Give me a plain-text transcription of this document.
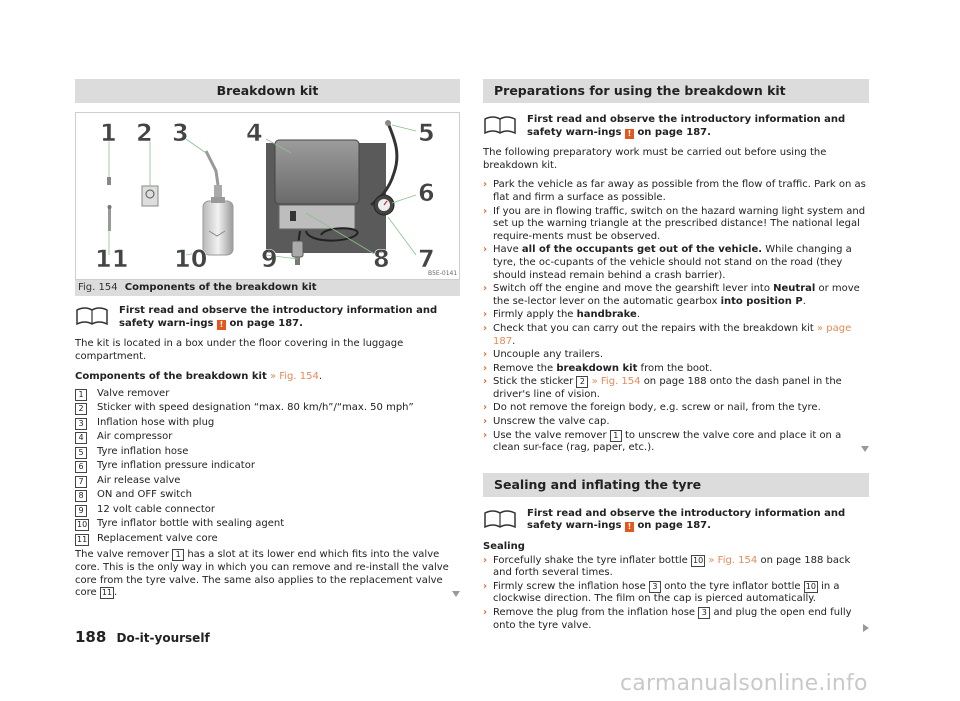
Breakdown kit
1 2 3 4	5
6
7
8
9
10
11
B5E-0141
Fig. 154 Components of the breakdown kit
First read and observe the introductory information and safety warn-ings ! on page 187.

The kit is located in a box under the floor covering in the luggage compartment.

Components of the breakdown kit » Fig. 154.

1	Valve remover
2	Sticker with speed designation “max. 80 km/h”/“max. 50 mph”
3	Inflation hose with plug
4	Air compressor
5	Tyre inflation hose
6	Tyre inflation pressure indicator
7	Air release valve
8	ON and OFF switch
9	12 volt cable connector
10 Tyre inflator bottle with sealing agent
11 Replacement valve core

The valve remover 1 has a slot at its lower end which fits into the valve core. This is the only way in which you can remove and re-install the valve core from the tyre valve. The same also applies to the replacement valve core 11 .

Preparations for using the breakdown kit
First read and observe the introductory information and safety warn-ings ! on page 187.

The following preparatory work must be carried out before using the breakdown kit.

› Park the vehicle as far away as possible from the flow of traffic. Park on as flat and firm a surface as possible.
› If you are in flowing traffic, switch on the hazard warning light system and set up the warning triangle at the prescribed distance! The national legal require-ments must be observed.
› Have all of the occupants get out of the vehicle. While changing a tyre, the oc-cupants of the vehicle should not stand on the road (they should instead remain behind a crash barrier).
› Switch off the engine and move the gearshift lever into Neutral or move the se-lector lever on the automatic gearbox into position P.
› Firmly apply the handbrake.
› Check that you can carry out the repairs with the breakdown kit » page 187.
› Uncouple any trailers.
› Remove the breakdown kit from the boot.
› Stick the sticker 2 » Fig. 154 on page 188 onto the dash panel in the driver's line of vision.
› Do not remove the foreign body, e.g. screw or nail, from the tyre.
› Unscrew the valve cap.
› Use the valve remover 1 to unscrew the valve core and place it on a clean sur-face (rag, paper, etc.).
Sealing and inflating the tyre
First read and observe the introductory information and safety warn-ings ! on page 187.

Sealing

› Forcefully shake the tyre inflater bottle 10 » Fig. 154 on page 188 back and forth several times.
› Firmly screw the inflation hose 3 onto the tyre inflator bottle 10 in a clockwise direction. The film on the cap is pierced automatically.
› Remove the plug from the inflation hose 3 and plug the open end fully onto the tyre valve.
188 Do-it-yourself
carmanualsonline.info
